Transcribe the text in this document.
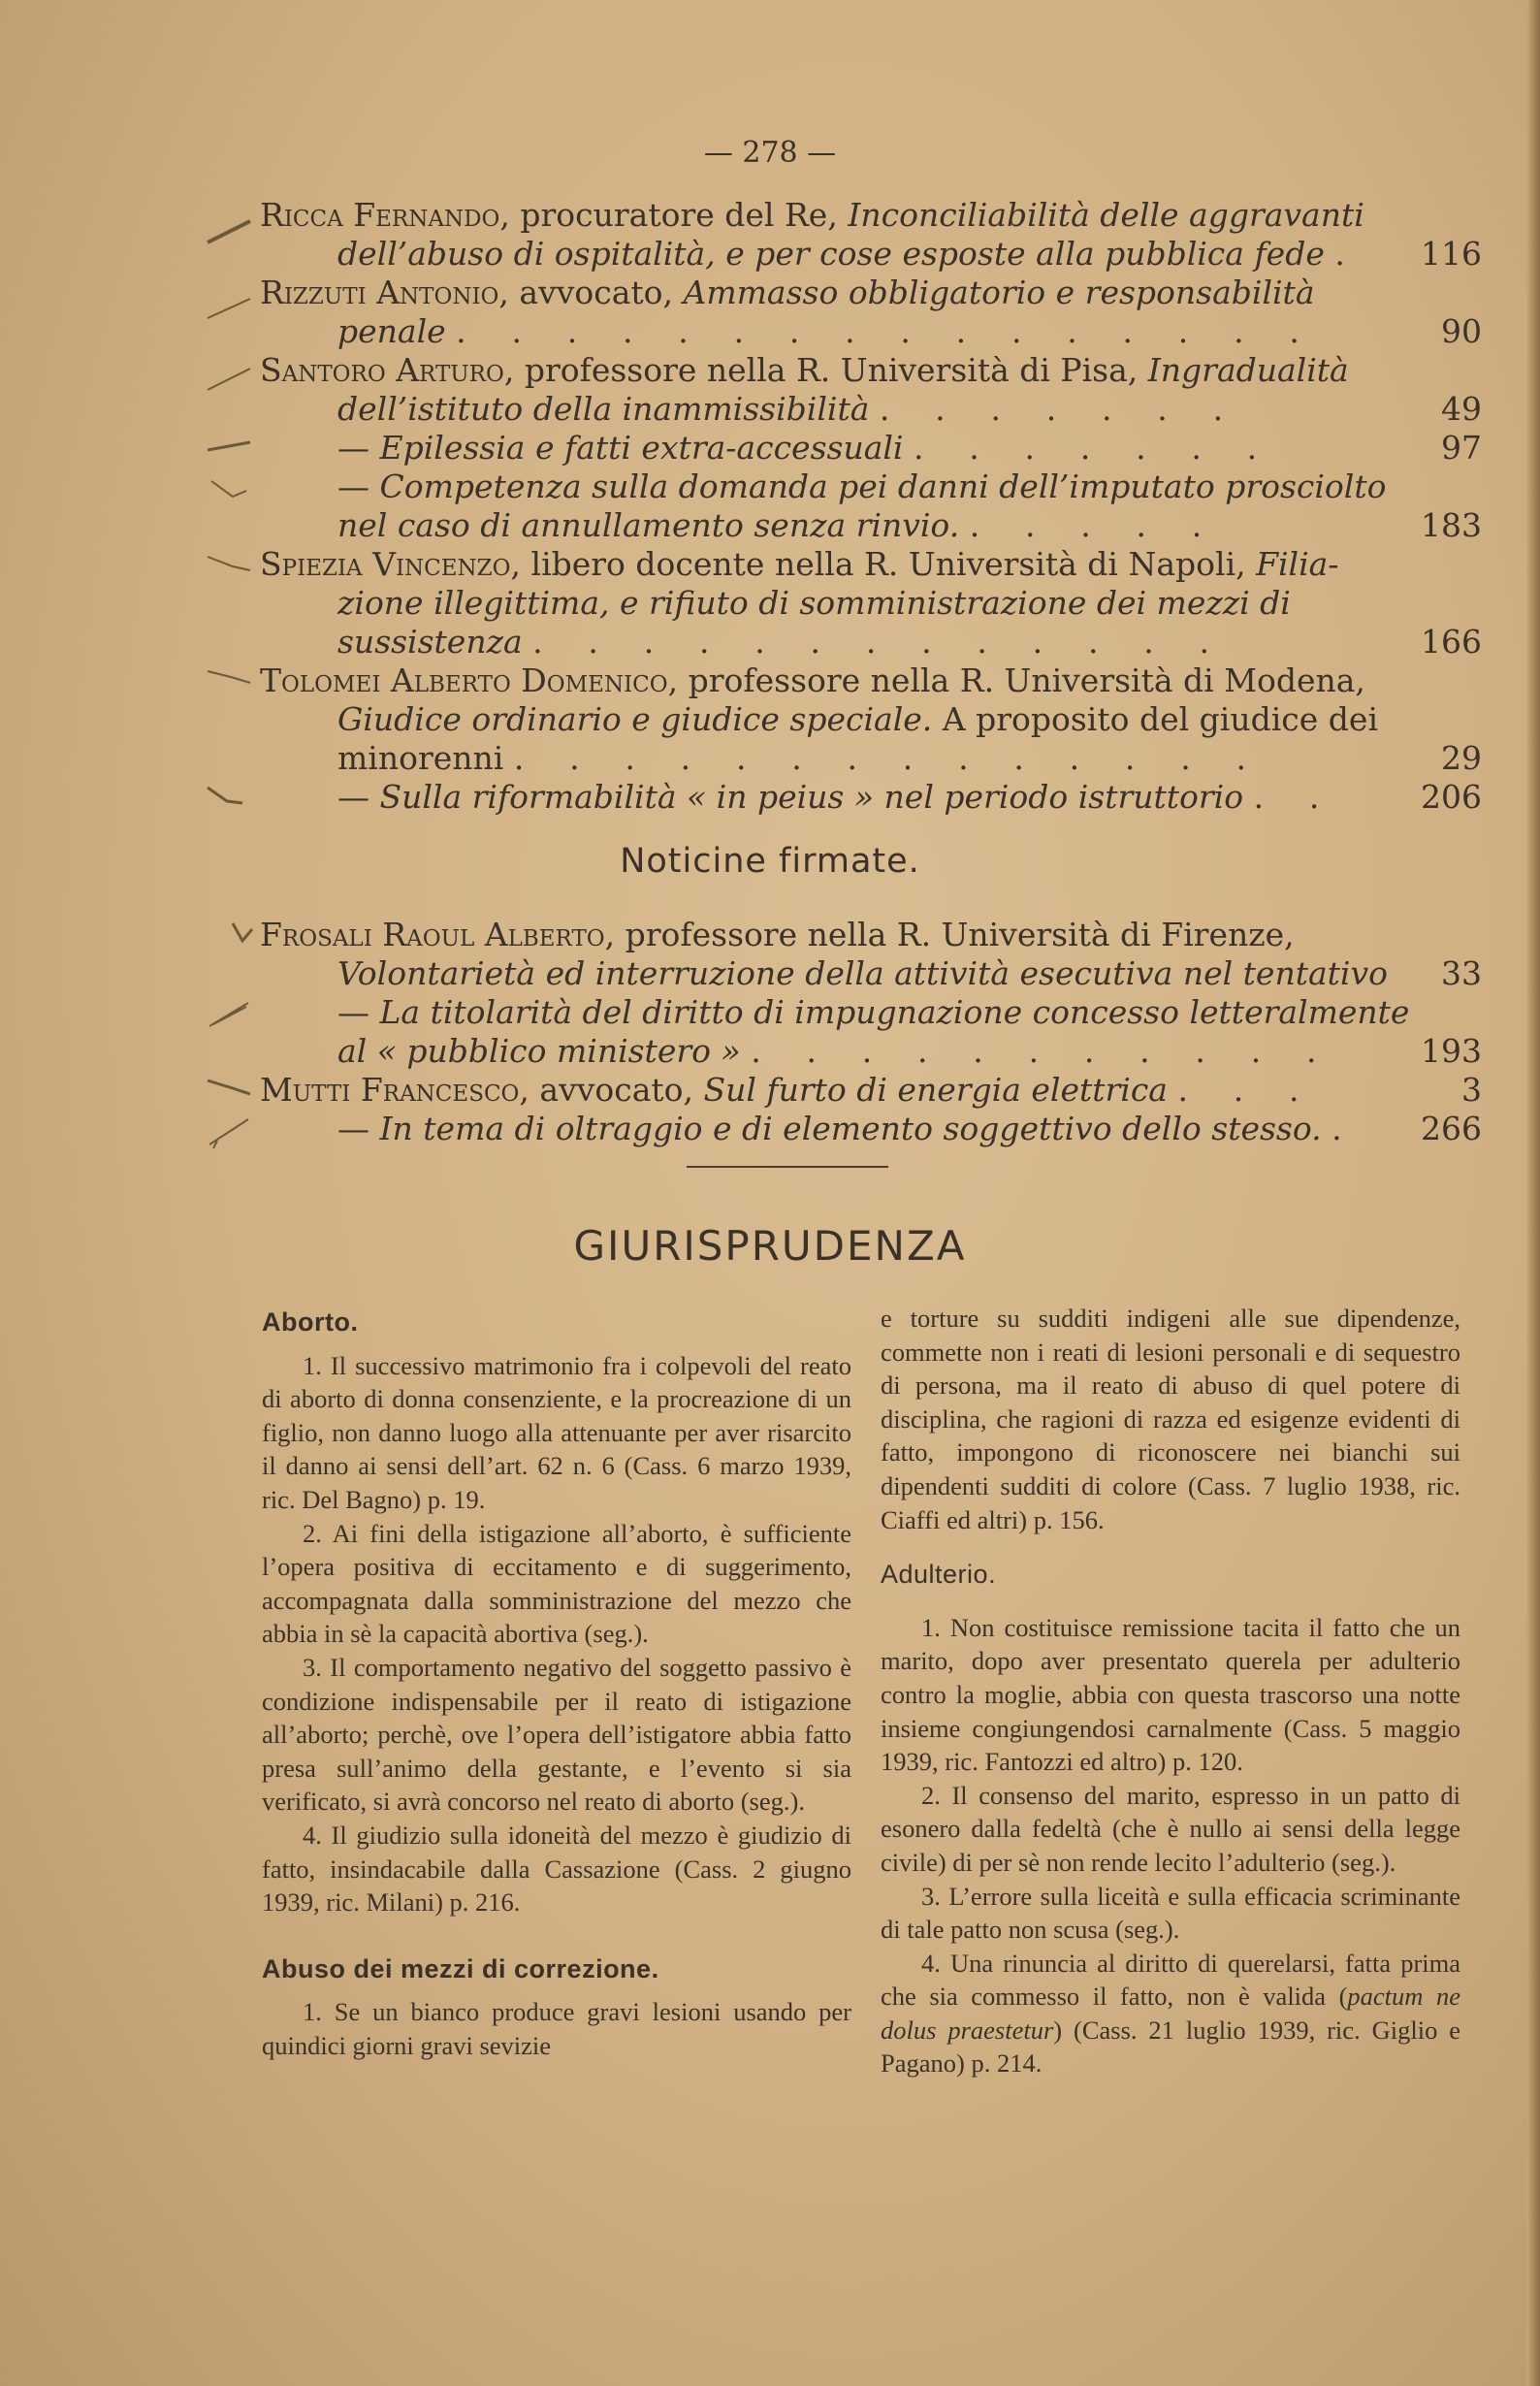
— 278 —
Ricca Fernando, procuratore del Re, Inconciliabilità delle aggravanti
dell’abuso di ospitalità, e per cose esposte alla pubblica fede .	116
Rizzuti Antonio, avvocato, Ammasso obbligatorio e responsabilità
penale . . . . . . . . . . . . . . . .	90
Santoro Arturo, professore nella R. Università di Pisa, Ingradualità
dell’istituto della inammissibilità . . . . . . .	49
— Epilessia e fatti extra-accessuali . . . . . . .	97
— Competenza sulla domanda pei danni dell’imputato prosciolto
nel caso di annullamento senza rinvio. . . . . .	183
Spiezia Vincenzo, libero docente nella R. Università di Napoli, Filia-
zione illegittima, e rifiuto di somministrazione dei mezzi di
sussistenza . . . . . . . . . . . . .	166
Tolomei Alberto Domenico, professore nella R. Università di Modena,
Giudice ordinario e giudice speciale. A proposito del giudice dei
minorenni . . . . . . . . . . . . . .	29
— Sulla riformabilità « in peius » nel periodo istruttorio . .	206
Noticine firmate.
Frosali Raoul Alberto, professore nella R. Università di Firenze,
Volontarietà ed interruzione della attività esecutiva nel tentativo	33
— La titolarità del diritto di impugnazione concesso letteralmente
al « pubblico ministero » . . . . . . . . . . .	193
Mutti Francesco, avvocato, Sul furto di energia elettrica . . .	3
— In tema di oltraggio e di elemento soggettivo dello stesso. .	266
GIURISPRUDENZA
Aborto.

1. Il successivo matrimonio fra i colpevoli del reato di aborto di donna consenziente, e la procreazione di un figlio, non danno luogo alla attenuante per aver risarcito il danno ai sensi dell’art. 62 n. 6 (Cass. 6 marzo 1939, ric. Del Bagno) p. 19.

2. Ai fini della istigazione all’aborto, è sufficiente l’opera positiva di eccitamento e di suggerimento, accompagnata dalla somministrazione del mezzo che abbia in sè la capacità abortiva (seg.).

3. Il comportamento negativo del soggetto passivo è condizione indispensabile per il reato di istigazione all’aborto; perchè, ove l’opera dell’istigatore abbia fatto presa sull’animo della gestante, e l’evento si sia verificato, si avrà concorso nel reato di aborto (seg.).

4. Il giudizio sulla idoneità del mezzo è giudizio di fatto, insindacabile dalla Cassazione (Cass. 2 giugno 1939, ric. Milani) p. 216.

Abuso dei mezzi di correzione.

1. Se un bianco produce gravi lesioni usando per quindici giorni gravi sevizie

e torture su sudditi indigeni alle sue dipendenze, commette non i reati di lesioni personali e di sequestro di persona, ma il reato di abuso di quel potere di disciplina, che ragioni di razza ed esigenze evidenti di fatto, impongono di riconoscere nei bianchi sui dipendenti sudditi di colore (Cass. 7 luglio 1938, ric. Ciaffi ed altri) p. 156.

Adulterio.

1. Non costituisce remissione tacita il fatto che un marito, dopo aver presentato querela per adulterio contro la moglie, abbia con questa trascorso una notte insieme congiungendosi carnalmente (Cass. 5 maggio 1939, ric. Fantozzi ed altro) p. 120.

2. Il consenso del marito, espresso in un patto di esonero dalla fedeltà (che è nullo ai sensi della legge civile) di per sè non rende lecito l’adulterio (seg.).

3. L’errore sulla liceità e sulla efficacia scriminante di tale patto non scusa (seg.).

4. Una rinuncia al diritto di querelarsi, fatta prima che sia commesso il fatto, non è valida (pactum ne dolus praestetur) (Cass. 21 luglio 1939, ric. Giglio e Pagano) p. 214.
